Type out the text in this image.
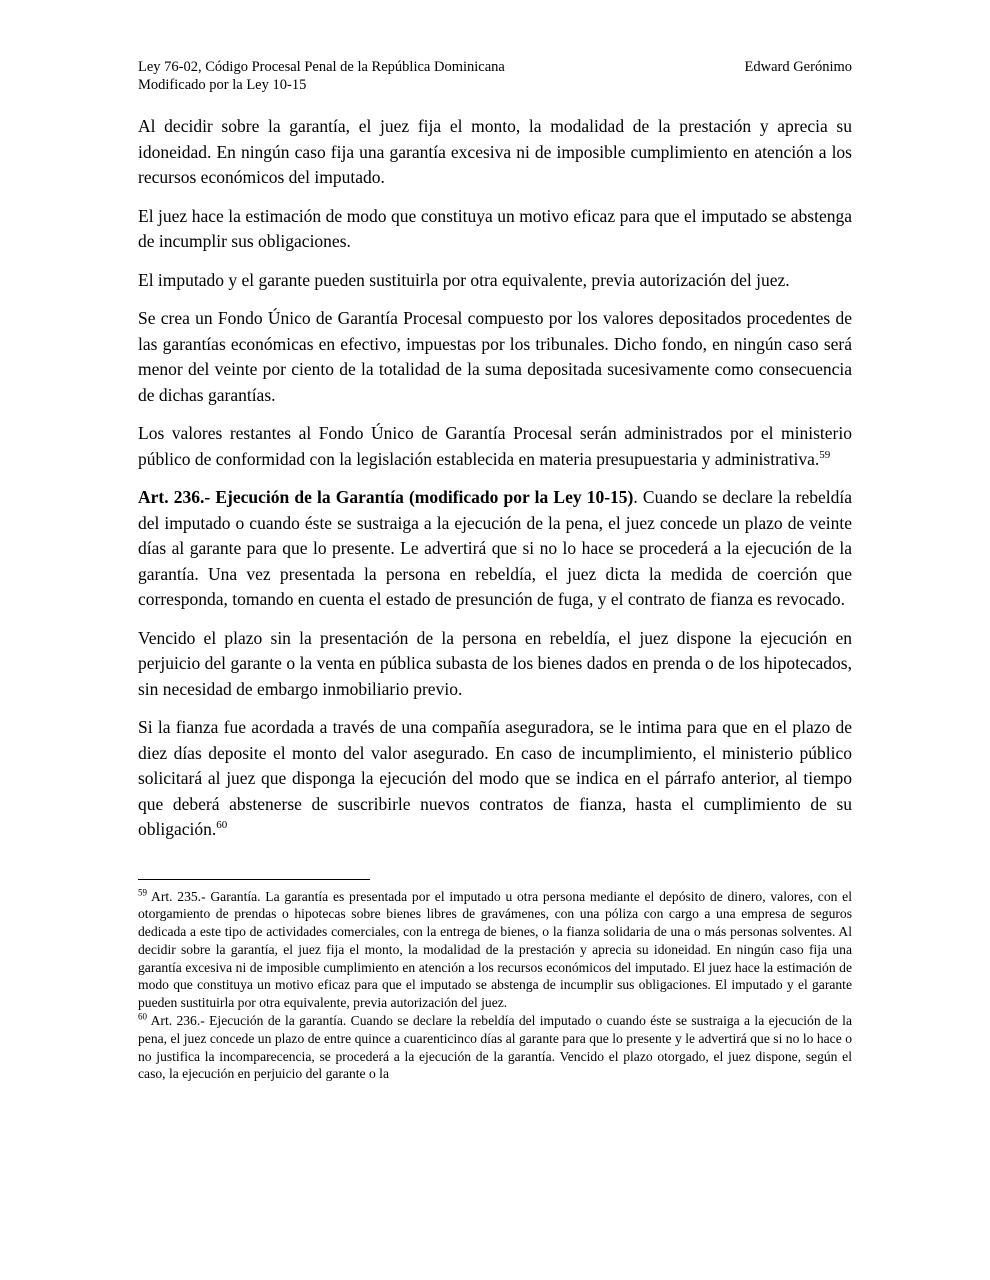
Ley 76-02, Código Procesal Penal de la República Dominicana
Modificado por la Ley 10-15
Edward Gerónimo

Al decidir sobre la garantía, el juez fija el monto, la modalidad de la prestación y aprecia su idoneidad. En ningún caso fija una garantía excesiva ni de imposible cumplimiento en atención a los recursos económicos del imputado.

El juez hace la estimación de modo que constituya un motivo eficaz para que el imputado se abstenga de incumplir sus obligaciones.

El imputado y el garante pueden sustituirla por otra equivalente, previa autorización del juez.

Se crea un Fondo Único de Garantía Procesal compuesto por los valores depositados procedentes de las garantías económicas en efectivo, impuestas por los tribunales. Dicho fondo, en ningún caso será menor del veinte por ciento de la totalidad de la suma depositada sucesivamente como consecuencia de dichas garantías.

Los valores restantes al Fondo Único de Garantía Procesal serán administrados por el ministerio público de conformidad con la legislación establecida en materia presupuestaria y administrativa.$^{59}$

Art. 236.- Ejecución de la Garantía (modificado por la Ley 10-15). Cuando se declare la rebeldía del imputado o cuando éste se sustraiga a la ejecución de la pena, el juez concede un plazo de veinte días al garante para que lo presente. Le advertirá que si no lo hace se procederá a la ejecución de la garantía. Una vez presentada la persona en rebeldía, el juez dicta la medida de coerción que corresponda, tomando en cuenta el estado de presunción de fuga, y el contrato de fianza es revocado.

Vencido el plazo sin la presentación de la persona en rebeldía, el juez dispone la ejecución en perjuicio del garante o la venta en pública subasta de los bienes dados en prenda o de los hipotecados, sin necesidad de embargo inmobiliario previo.

Si la fianza fue acordada a través de una compañía aseguradora, se le intima para que en el plazo de diez días deposite el monto del valor asegurado. En caso de incumplimiento, el ministerio público solicitará al juez que disponga la ejecución del modo que se indica en el párrafo anterior, al tiempo que deberá abstenerse de suscribirle nuevos contratos de fianza, hasta el cumplimiento de su obligación.$^{60}$

$^{59}$ Art. 235.- Garantía. La garantía es presentada por el imputado u otra persona mediante el depósito de dinero, valores, con el otorgamiento de prendas o hipotecas sobre bienes libres de gravámenes, con una póliza con cargo a una empresa de seguros dedicada a este tipo de actividades comerciales, con la entrega de bienes, o la fianza solidaria de una o más personas solventes. Al decidir sobre la garantía, el juez fija el monto, la modalidad de la prestación y aprecia su idoneidad. En ningún caso fija una garantía excesiva ni de imposible cumplimiento en atención a los recursos económicos del imputado. El juez hace la estimación de modo que constituya un motivo eficaz para que el imputado se abstenga de incumplir sus obligaciones. El imputado y el garante pueden sustituirla por otra equivalente, previa autorización del juez.

$^{60}$ Art. 236.- Ejecución de la garantía. Cuando se declare la rebeldía del imputado o cuando éste se sustraiga a la ejecución de la pena, el juez concede un plazo de entre quince a cuarenticinco días al garante para que lo presente y le advertirá que si no lo hace o no justifica la incomparecencia, se procederá a la ejecución de la garantía. Vencido el plazo otorgado, el juez dispone, según el caso, la ejecución en perjuicio del garante o la
